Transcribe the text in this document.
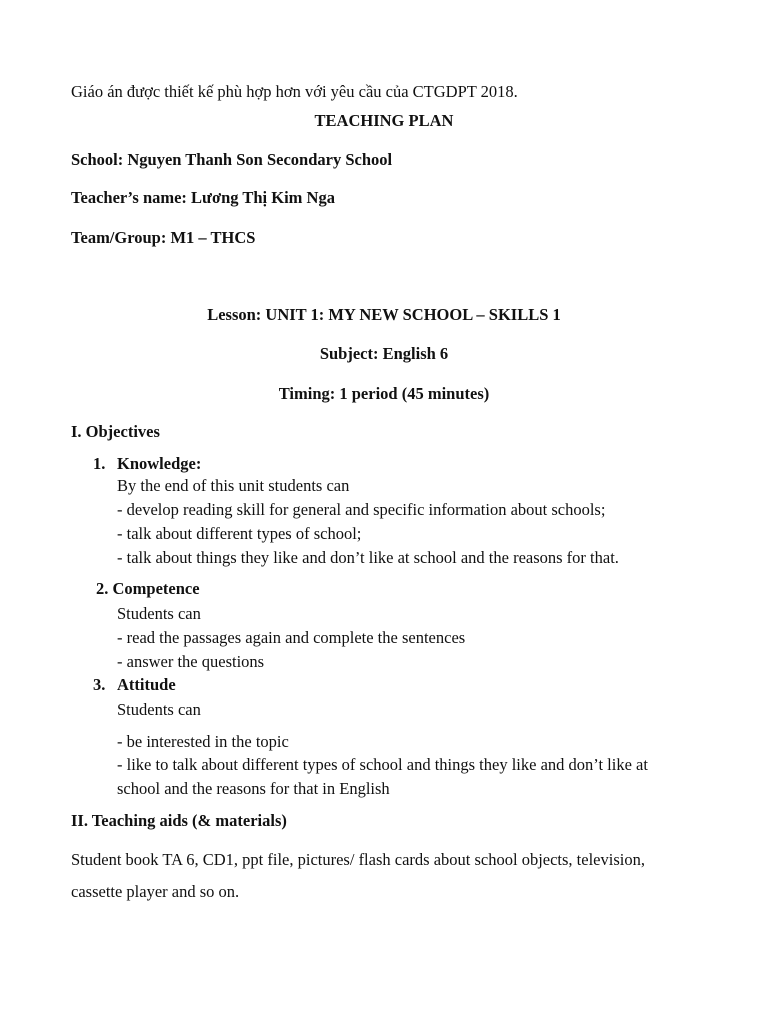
Giáo án được thiết kế phù hợp hơn với yêu cầu của CTGDPT 2018.
TEACHING PLAN
School: Nguyen Thanh Son Secondary School
Teacher’s name: Lương Thị Kim Nga
Team/Group: M1 – THCS
Lesson: UNIT 1: MY NEW SCHOOL – SKILLS 1
Subject: English 6
Timing: 1 period (45 minutes)
I. Objectives
1. Knowledge:
By the end of this unit students can
- develop reading skill for general and specific information about schools;
- talk about different types of school;
- talk about things they like and don’t like at school and the reasons for that.
2. Competence
Students can
- read the passages again and complete the sentences
- answer the questions
3. Attitude
Students can
- be interested in the topic
- like to talk about different types of school and things they like and don’t like at
school and the reasons for that in English
II. Teaching aids (& materials)
Student book TA 6, CD1, ppt file, pictures/ flash cards about school objects, television,
cassette player and so on.
